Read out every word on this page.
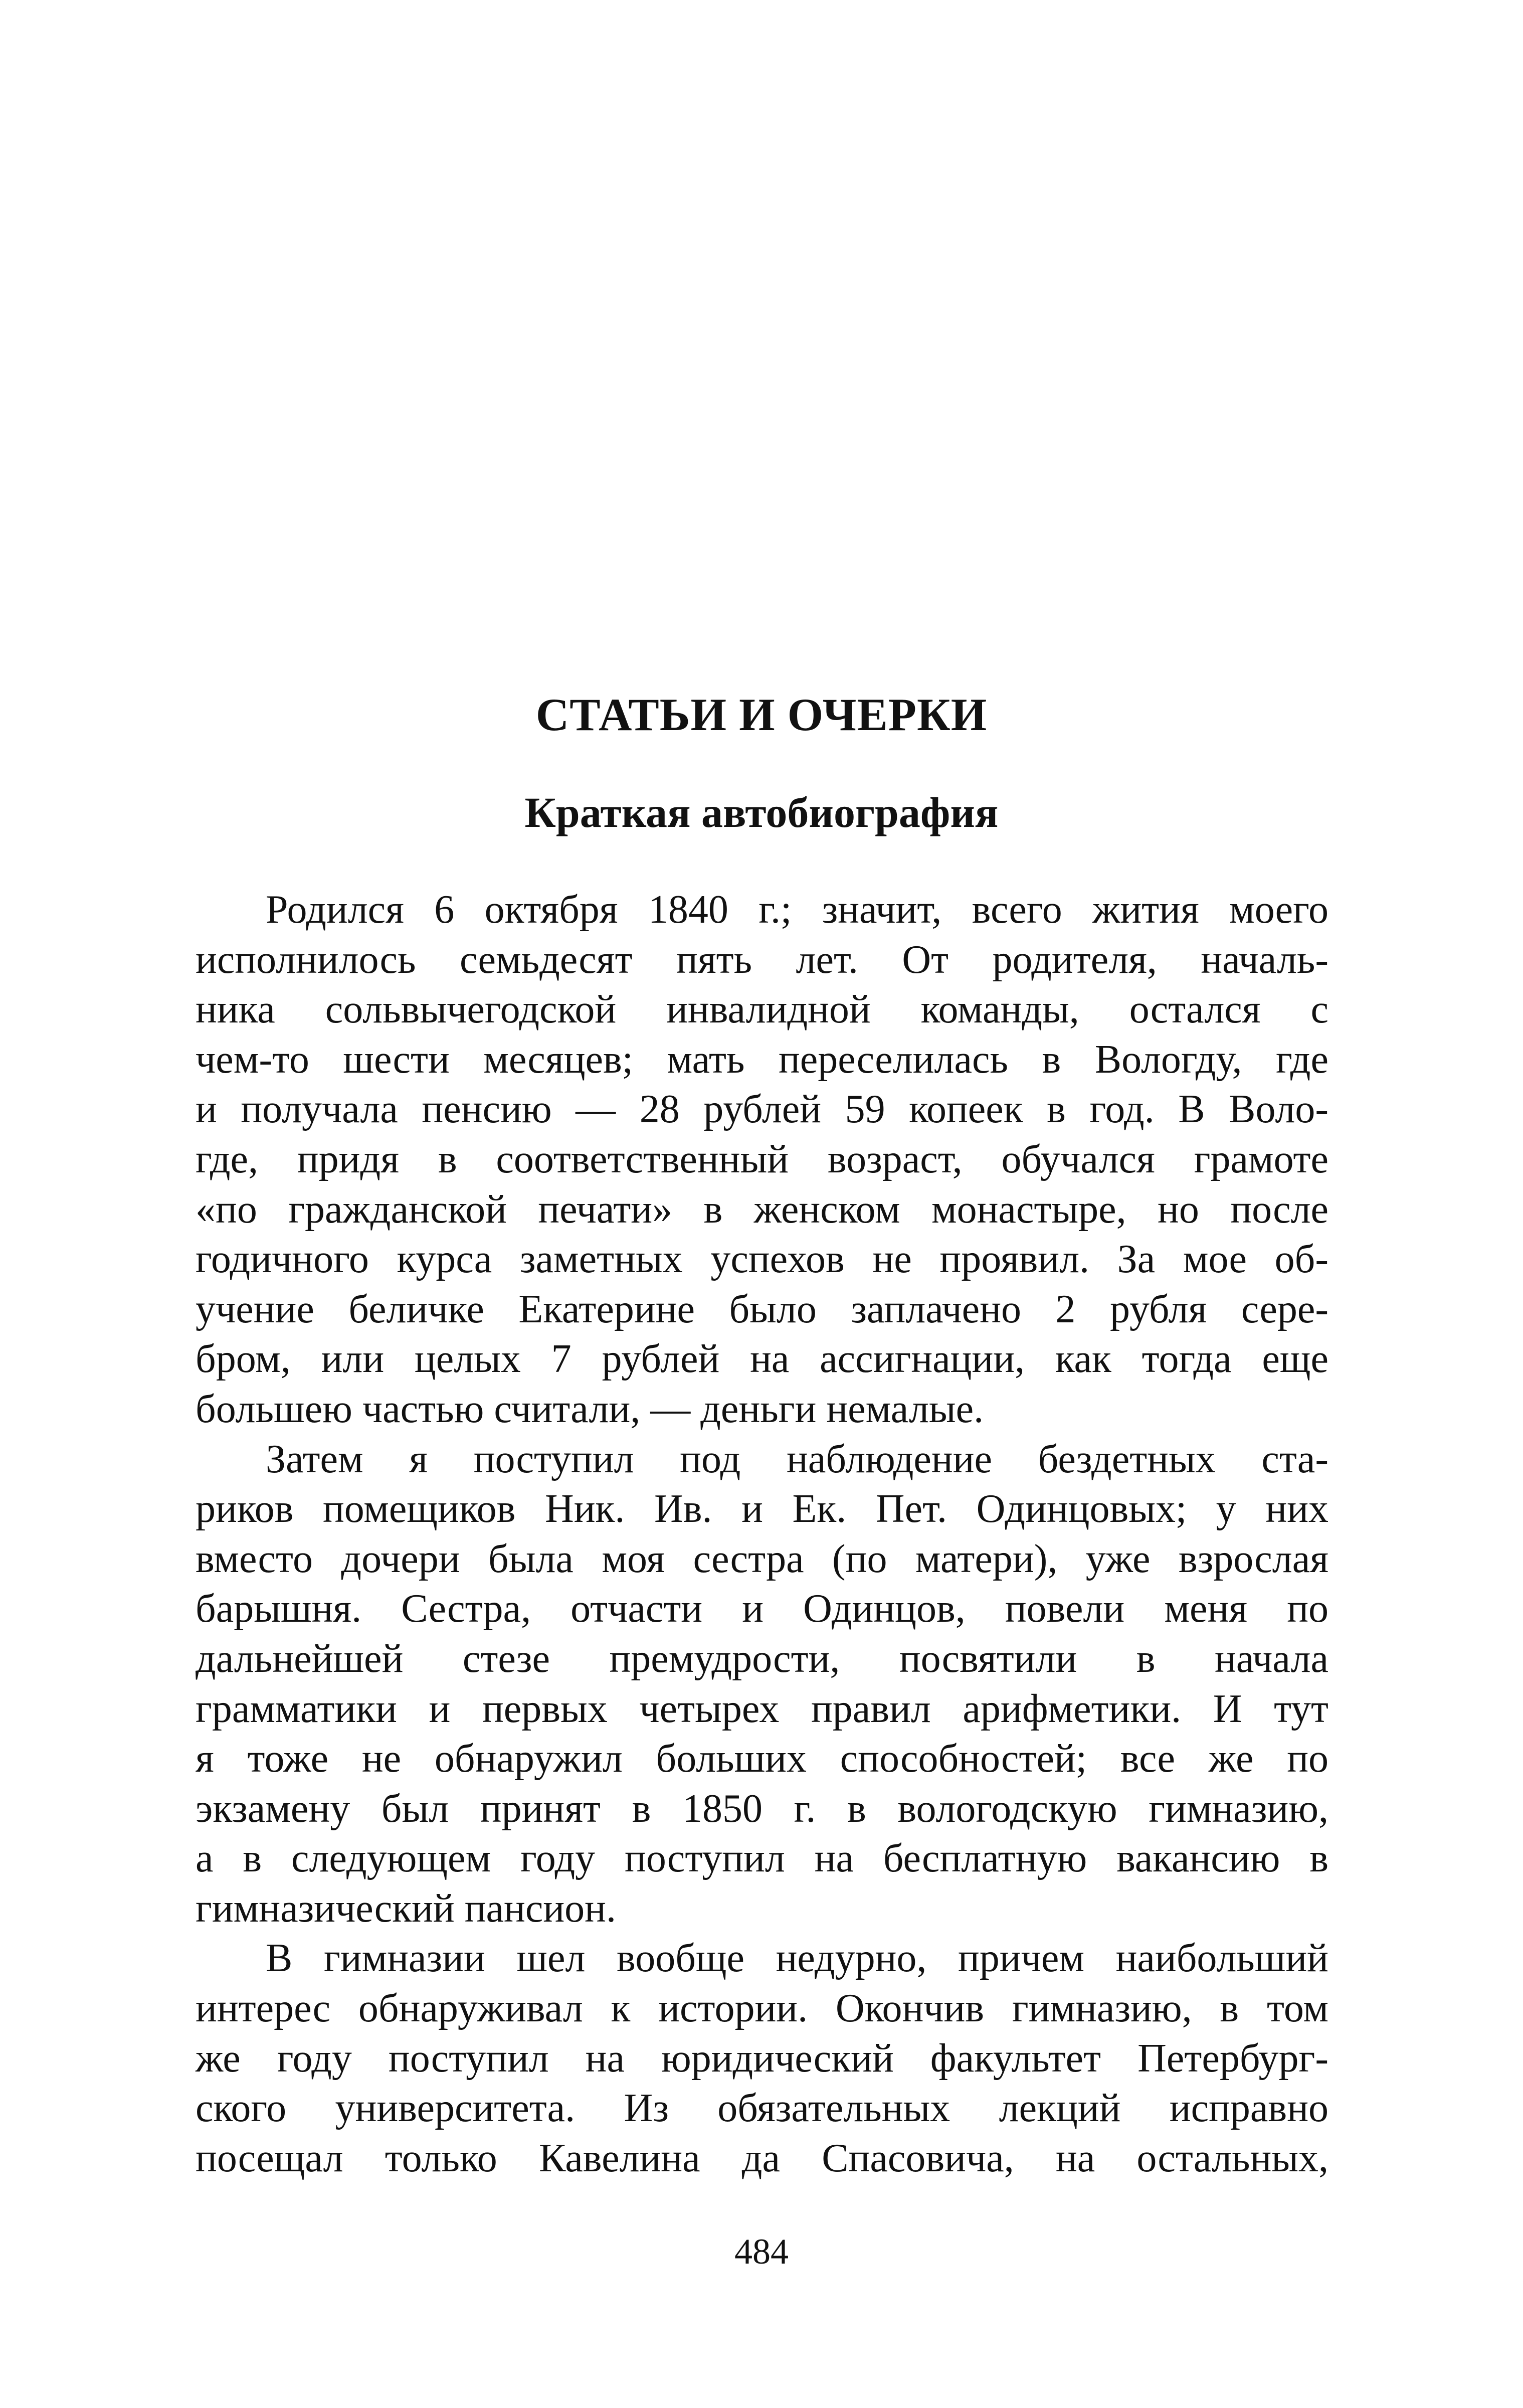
СТАТЬИ И ОЧЕРКИ
Краткая автобиография
Родился 6 октября 1840 г.; значит, всего жития моего
исполнилось семьдесят пять лет. От родителя, началь-
ника сольвычегодской инвалидной команды, остался с
чем-то шести месяцев; мать переселилась в Вологду, где
и получала пенсию — 28 рублей 59 копеек в год. В Воло-
где, придя в соответственный возраст, обучался грамоте
«по гражданской печати» в женском монастыре, но после
годичного курса заметных успехов не проявил. За мое об-
учение беличке Екатерине было заплачено 2 рубля сере-
бром, или целых 7 рублей на ассигнации, как тогда еще
большею частью считали, — деньги немалые.
Затем я поступил под наблюдение бездетных ста-
риков помещиков Ник. Ив. и Ек. Пет. Одинцовых; у них
вместо дочери была моя сестра (по матери), уже взрослая
барышня. Сестра, отчасти и Одинцов, повели меня по
дальнейшей стезе премудрости, посвятили в начала
грамматики и первых четырех правил арифметики. И тут
я тоже не обнаружил больших способностей; все же по
экзамену был принят в 1850 г. в вологодскую гимназию,
а в следующем году поступил на бесплатную вакансию в
гимназический пансион.
В гимназии шел вообще недурно, причем наибольший
интерес обнаруживал к истории. Окончив гимназию, в том
же году поступил на юридический факультет Петербург-
ского университета. Из обязательных лекций исправно
посещал только Кавелина да Спасовича, на остальных,
484
